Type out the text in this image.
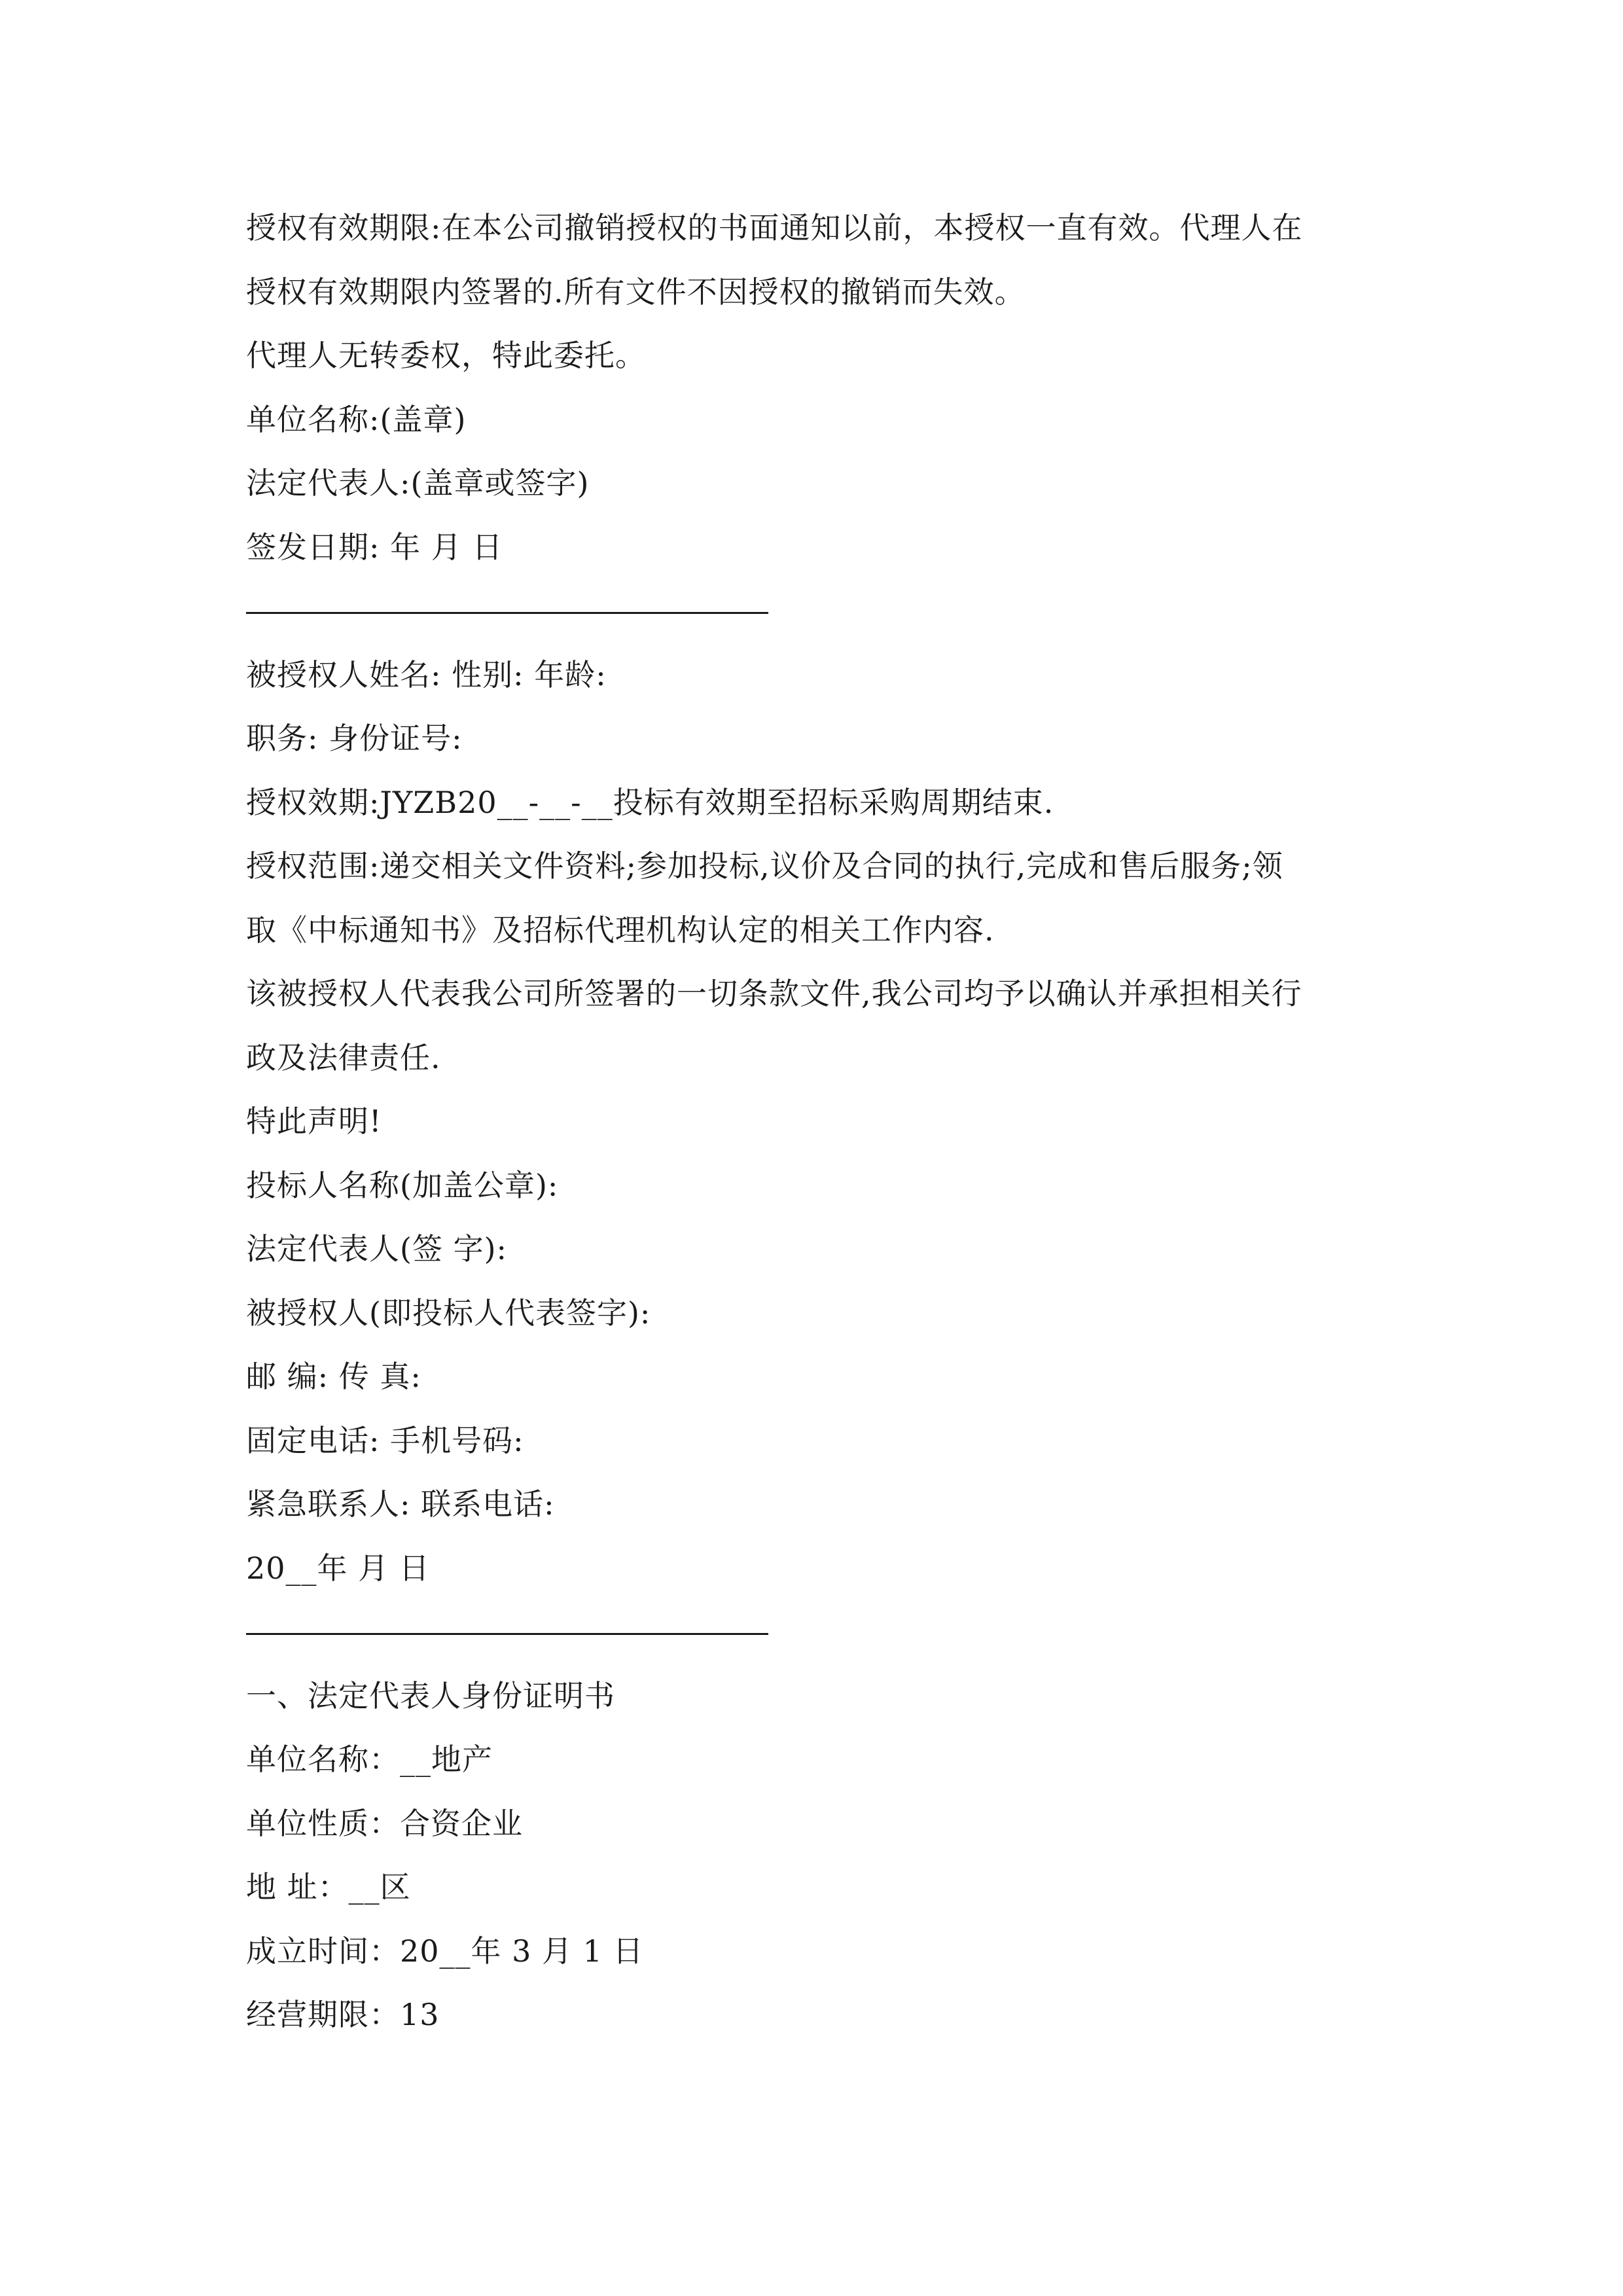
授权有效期限:在本公司撤销授权的书面通知以前，本授权一直有效。代理人在
授权有效期限内签署的.所有文件不因授权的撤销而失效。
代理人无转委权，特此委托。
单位名称:(盖章)
法定代表人:(盖章或签字)
签发日期: 年 月 日
被授权人姓名: 性别: 年龄:
职务: 身份证号:
授权效期:JYZB20__-__-__投标有效期至招标采购周期结束.
授权范围:递交相关文件资料;参加投标,议价及合同的执行,完成和售后服务;领
取《中标通知书》及招标代理机构认定的相关工作内容.
该被授权人代表我公司所签署的一切条款文件,我公司均予以确认并承担相关行
政及法律责任.
特此声明!
投标人名称(加盖公章):
法定代表人(签 字):
被授权人(即投标人代表签字):
邮 编: 传 真:
固定电话: 手机号码:
紧急联系人: 联系电话:
20__年 月 日
一、法定代表人身份证明书
单位名称：__地产
单位性质：合资企业
地 址：__区
成立时间：20__年 3 月 1 日
经营期限：13
